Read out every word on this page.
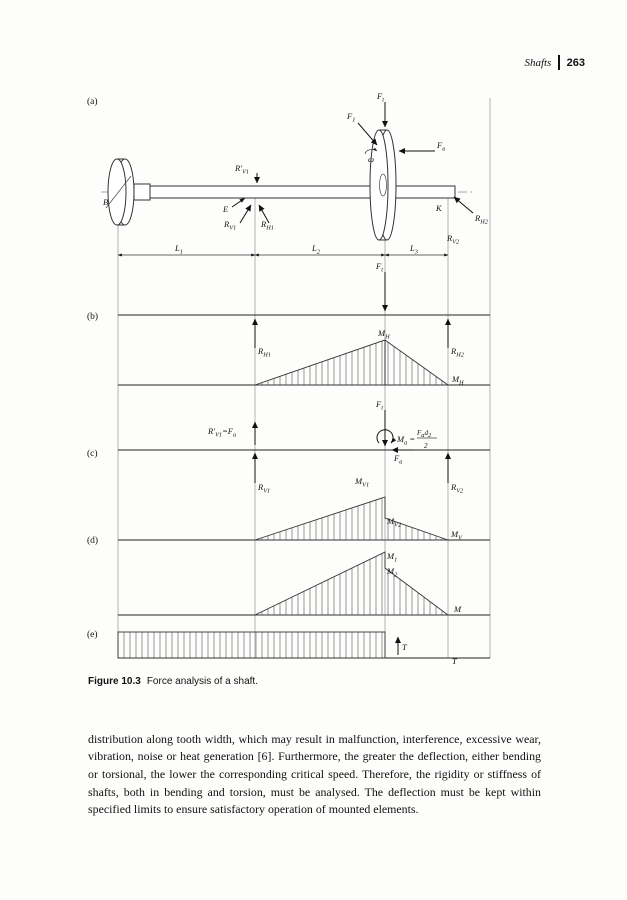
Shafts 263
(a)
(b)
(c)
(d)
(e)
$F_t$
$F_1$
$F_a$
ω
$R'_{V1}$
E
$R_{V1}$	$R_{H1}$
K
$R_{H2}$
$R_{V2}$
$L_1$	$L_2$	$L_3$
B
$F_t$
$R_{H1}$
$M_H$
$R_{H2}$
$M_H$
$R'_{V1}=F_a$
$F_t$
$M_a$ =
Fad2
2
$F_a$
$R_{V1}$
$M_{V1}$	$R_{V2}$
$M_{V2}$
$M_V$
$M_1$
$M_2$
M
T
T
Figure 10.3 Force analysis of a shaft.

distribution along tooth width, which may result in malfunction, interference, excessive wear, vibration, noise or heat generation [6]. Furthermore, the greater the deflection, either bending or torsional, the lower the corresponding critical speed. Therefore, the rigidity or stiffness of shafts, both in bending and torsion, must be analysed. The deflection must be kept within specified limits to ensure satisfactory operation of mounted elements.
